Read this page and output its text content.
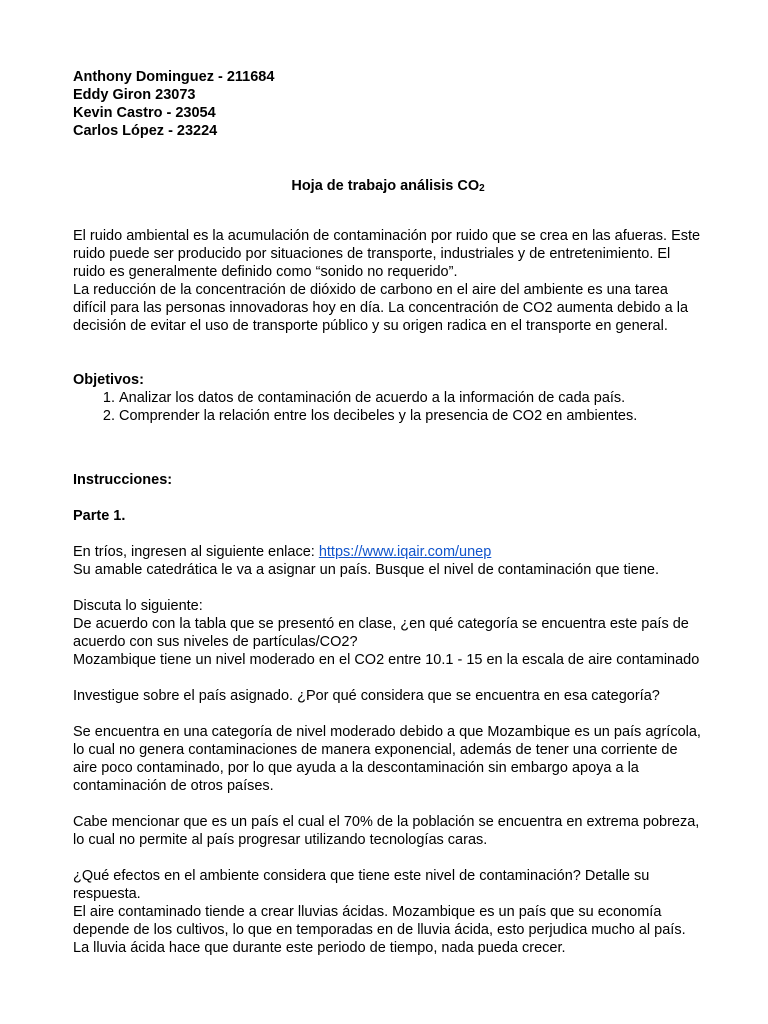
Anthony Dominguez - 211684
Eddy Giron 23073
Kevin Castro - 23054
Carlos López - 23224
Hoja de trabajo análisis $CO_2$

El ruido ambiental es la acumulación de contaminación por ruido que se crea en las afueras. Este ruido puede ser producido por situaciones de transporte, industriales y de entretenimiento. El ruido es generalmente definido como “sonido no requerido”.

La reducción de la concentración de dióxido de carbono en el aire del ambiente es una tarea difícil para las personas innovadoras hoy en día. La concentración de CO2 aumenta debido a la decisión de evitar el uso de transporte público y su origen radica en el transporte en general.

Objetivos:

1. Analizar los datos de contaminación de acuerdo a la información de cada país.
2. Comprender la relación entre los decibeles y la presencia de CO2 en ambientes.

Instrucciones:

Parte 1.

En tríos, ingresen al siguiente enlace: https://www.iqair.com/unep

Su amable catedrática le va a asignar un país. Busque el nivel de contaminación que tiene.

Discuta lo siguiente:

De acuerdo con la tabla que se presentó en clase, ¿en qué categoría se encuentra este país de acuerdo con sus niveles de partículas/CO2?

Mozambique tiene un nivel moderado en el CO2 entre 10.1 - 15 en la escala de aire contaminado

Investigue sobre el país asignado. ¿Por qué considera que se encuentra en esa categoría?

Se encuentra en una categoría de nivel moderado debido a que Mozambique es un país agrícola, lo cual no genera contaminaciones de manera exponencial, además de tener una corriente de aire poco contaminado, por lo que ayuda a la descontaminación sin embargo apoya a la contaminación de otros países.

Cabe mencionar que es un país el cual el 70% de la población se encuentra en extrema pobreza, lo cual no permite al país progresar utilizando tecnologías caras.

¿Qué efectos en el ambiente considera que tiene este nivel de contaminación? Detalle su respuesta.

El aire contaminado tiende a crear lluvias ácidas. Mozambique es un país que su economía depende de los cultivos, lo que en temporadas en de lluvia ácida, esto perjudica mucho al país. La lluvia ácida hace que durante este periodo de tiempo, nada pueda crecer.
